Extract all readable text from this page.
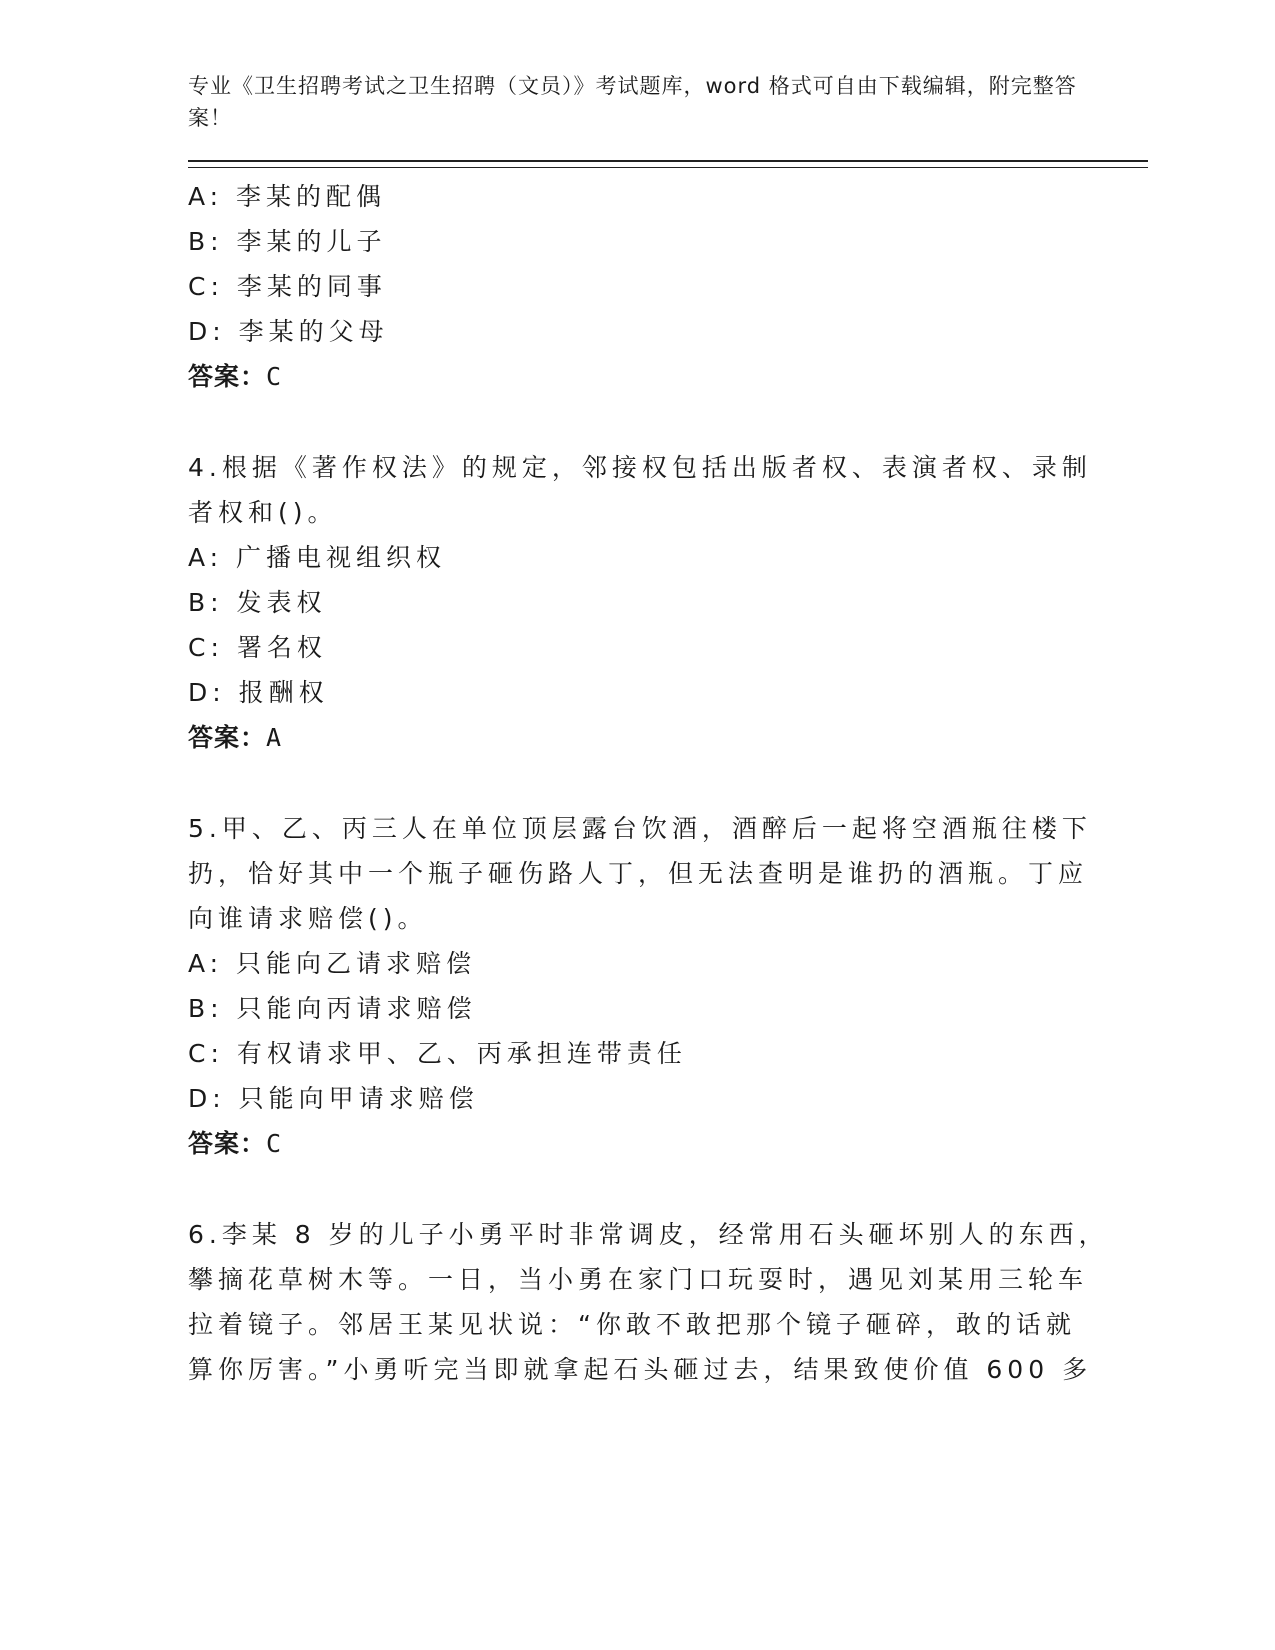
专业《卫生招聘考试之卫生招聘（文员）》考试题库，word 格式可自由下载编辑，附完整答案！

A: 李某的配偶
B: 李某的儿子
C: 李某的同事
D: 李某的父母
答案：C
4.根据《著作权法》的规定，邻接权包括出版者权、表演者权、录制
者权和()。
A: 广播电视组织权
B: 发表权
C: 署名权
D: 报酬权
答案：A
5.甲、乙、丙三人在单位顶层露台饮酒，酒醉后一起将空酒瓶往楼下
扔，恰好其中一个瓶子砸伤路人丁，但无法查明是谁扔的酒瓶。丁应
向谁请求赔偿()。
A: 只能向乙请求赔偿
B: 只能向丙请求赔偿
C: 有权请求甲、乙、丙承担连带责任
D: 只能向甲请求赔偿
答案：C
6.李某 8 岁的儿子小勇平时非常调皮，经常用石头砸坏别人的东西，
攀摘花草树木等。一日，当小勇在家门口玩耍时，遇见刘某用三轮车
拉着镜子。邻居王某见状说：“你敢不敢把那个镜子砸碎，敢的话就
算你厉害。”小勇听完当即就拿起石头砸过去，结果致使价值 600 多
